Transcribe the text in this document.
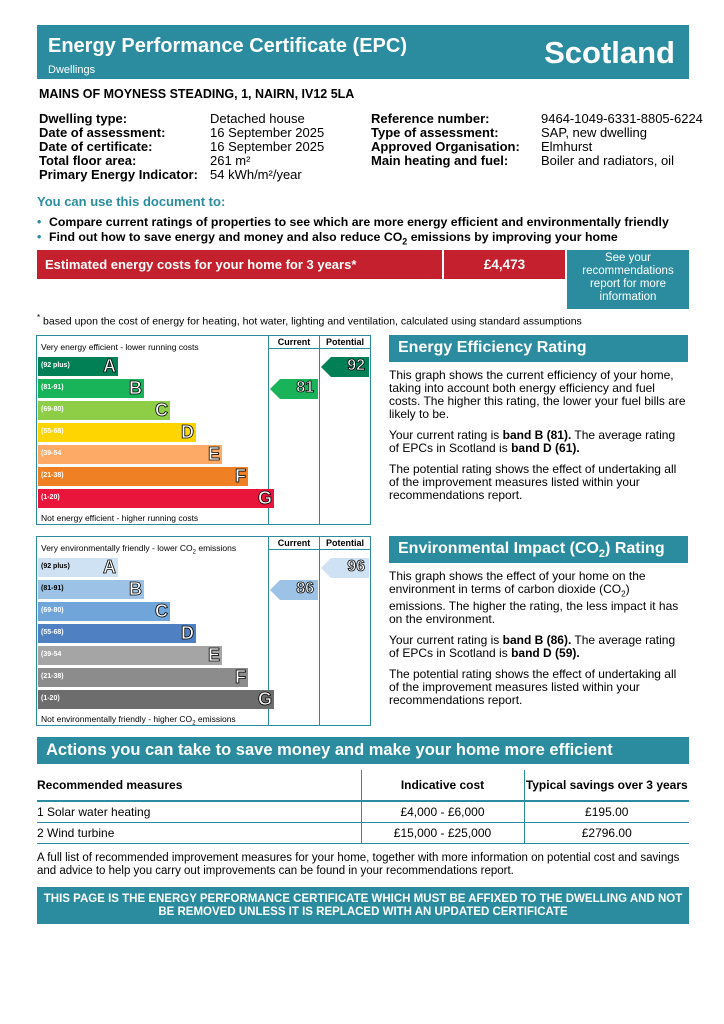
Energy Performance Certificate (EPC)
Dwellings	Scotland
MAINS OF MOYNESS STEADING, 1, NAIRN, IV12 5LA
Dwelling type:	Detached house
Date of assessment:	16 September 2025
Date of certificate:	16 September 2025
Total floor area:	261 m²
Primary Energy Indicator: 54 kWh/m²/year
Reference number:	9464-1049-6331-8805-6224
Type of assessment:	SAP, new dwelling
Approved Organisation:	Elmhurst
Main heating and fuel:	Boiler and radiators, oil
You can use this document to:
• Compare current ratings of properties to see which are more energy efficient and environmentally friendly
• Find out how to save energy and money and also reduce $CO_2$ emissions by improving your home
Estimated energy costs for your home for 3 years*	£4,473	See your recommendations report for more information
* based upon the cost of energy for heating, hot water, lighting and ventilation, calculated using standard assumptions
Current	Potential
Very energy efficient - lower running costs
Not energy efficient - higher running costs
(92 plus) A
(81-91)	B
(69-80)	C
(55-68)	D
(39-54	E
(21-38)	F
(1-20)	G
81
92
Current	Potential
Very environmentally friendly - lower $CO_2$ emissions
Not environmentally friendly - higher $CO_2$ emissions
(92 plus) A
(81-91)	B
(69-80)	C
(55-68)	D
(39-54	E
(21-38)	F
(1-20)	G
86
96
Energy Efficiency Rating

This graph shows the current efficiency of your home, taking into account both energy efficiency and fuel costs. The higher this rating, the lower your fuel bills are likely to be.

Your current rating is band B (81). The average rating of EPCs in Scotland is band D (61).

The potential rating shows the effect of undertaking all of the improvement measures listed within your recommendations report.

Environmental Impact $(CO_2)$ Rating

This graph shows the effect of your home on the environment in terms of carbon dioxide $(CO_2)$ emissions. The higher the rating, the less impact it has on the environment.

Your current rating is band B (86). The average rating of EPCs in Scotland is band D (59).

The potential rating shows the effect of undertaking all of the improvement measures listed within your recommendations report.

Actions you can take to save money and make your home more efficient
Recommended measures	Indicative cost	Typical savings over 3 years
1 Solar water heating	£4,000 - £6,000	£195.00
2 Wind turbine	£15,000 - £25,000	£2796.00
A full list of recommended improvement measures for your home, together with more information on potential cost and savings and advice to help you carry out improvements can be found in your recommendations report.
THIS PAGE IS THE ENERGY PERFORMANCE CERTIFICATE WHICH MUST BE AFFIXED TO THE DWELLING AND NOT BE REMOVED UNLESS IT IS REPLACED WITH AN UPDATED CERTIFICATE
